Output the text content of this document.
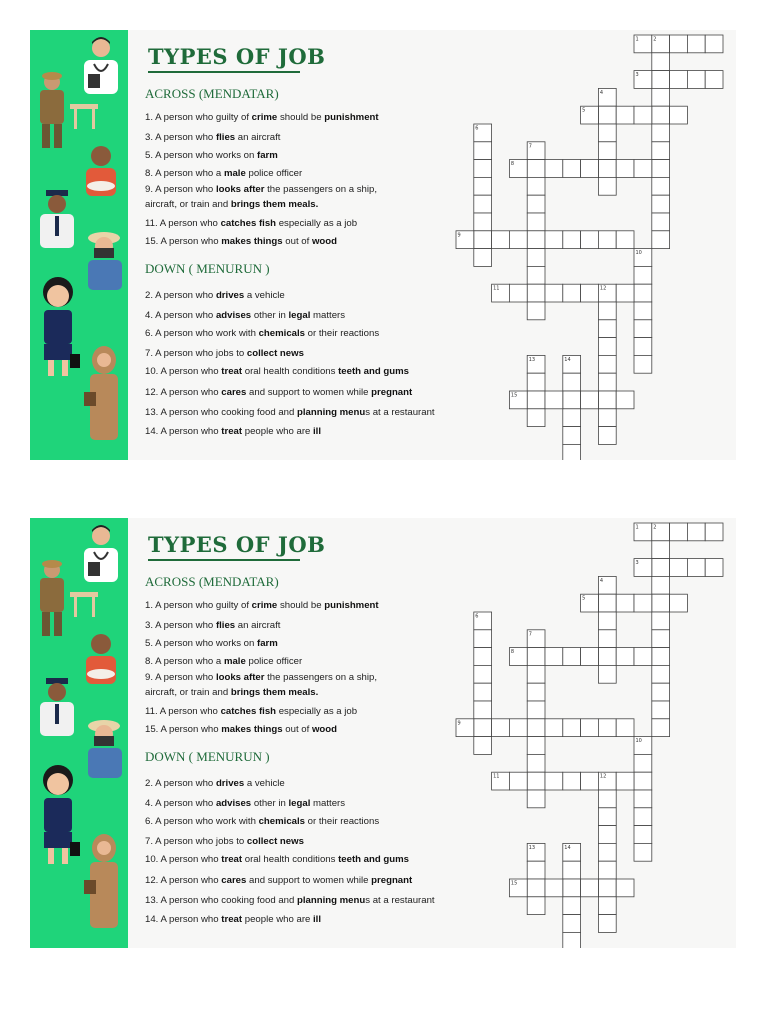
TYPES OF JOB
ACROSS (MENDATAR)
1. A person who guilty of crime should be punishment
3. A person who flies an aircraft
5. A person who works on farm
8. A person who a male police officer
9. A person who looks after the passengers on a ship,
aircraft, or train and brings them meals.
11. A person who catches fish especially as a job
15. A person who makes things out of wood
DOWN ( MENURUN )
2. A person who drives a vehicle
4. A person who advises other in legal matters
6. A person who work with chemicals or their reactions
7. A person who jobs to collect news
10. A person who treat oral health conditions teeth and gums
12. A person who cares and support to women while pregnant
13. A person who cooking food and planning menus at a restaurant
14. A person who treat people who are ill
1	2
3
4
5
6
7
8
9
10
11	12
13	14
15
TYPES OF JOB
ACROSS (MENDATAR)
1. A person who guilty of crime should be punishment
3. A person who flies an aircraft
5. A person who works on farm
8. A person who a male police officer
9. A person who looks after the passengers on a ship,
aircraft, or train and brings them meals.
11. A person who catches fish especially as a job
15. A person who makes things out of wood
DOWN ( MENURUN )
2. A person who drives a vehicle
4. A person who advises other in legal matters
6. A person who work with chemicals or their reactions
7. A person who jobs to collect news
10. A person who treat oral health conditions teeth and gums
12. A person who cares and support to women while pregnant
13. A person who cooking food and planning menus at a restaurant
14. A person who treat people who are ill
1	2
3
4
5
6
7
8
9
10
11	12
13	14
15
